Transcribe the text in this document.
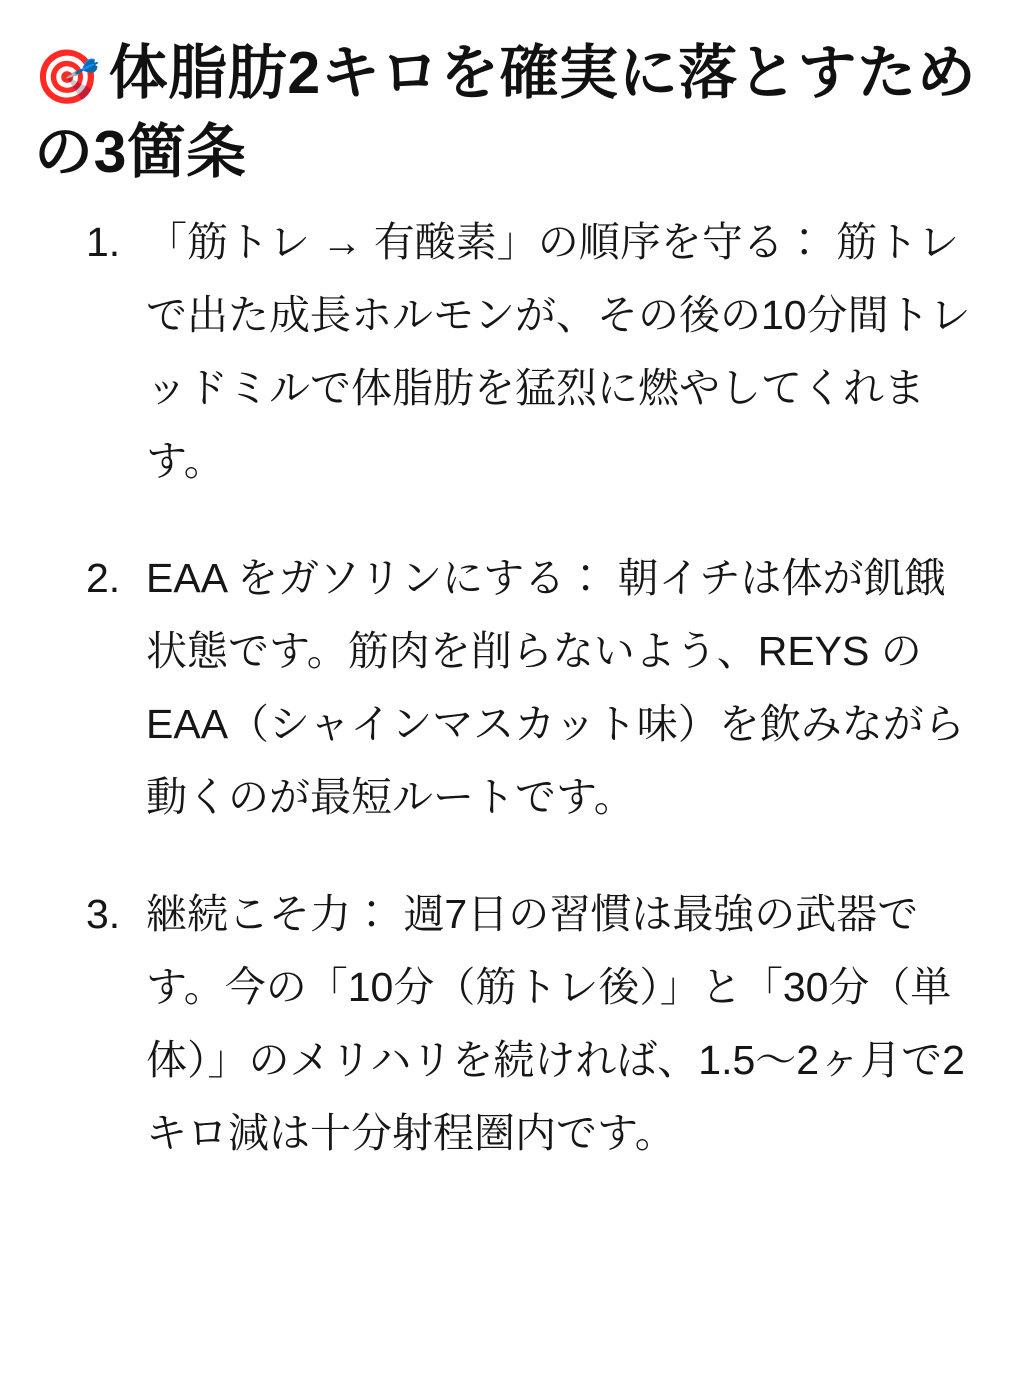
🎯 体脂肪2キロを確実に落とすための3箇条
1. 「筋トレ → 有酸素」の順序を守る： 筋トレで出た成長ホルモンが、その後の10分間トレッドミルで体脂肪を猛烈に燃やしてくれます。
2. EAA をガソリンにする： 朝イチは体が飢餓状態です。筋肉を削らないよう、REYS の EAA（シャインマスカット味）を飲みながら動くのが最短ルートです。
3. 継続こそ力： 週7日の習慣は最強の武器です。今の「10分（筋トレ後）」と「30分（単体）」のメリハリを続ければ、1.5〜2ヶ月で2キロ減は十分射程圏内です。
